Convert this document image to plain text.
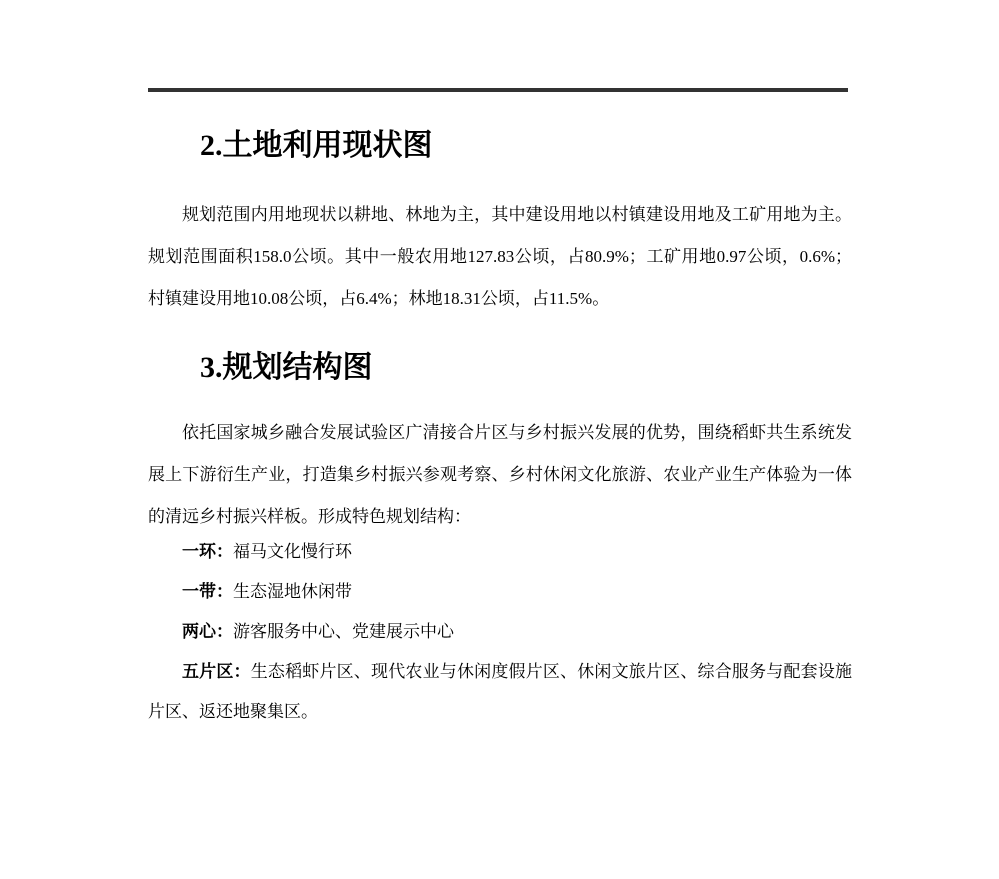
2.土地利用现状图

规划范围内用地现状以耕地、林地为主，其中建设用地以村镇建设用地及工矿用地为主。规划范围面积158.0公顷。其中一般农用地127.83公顷，占80.9%；工矿用地0.97公顷，0.6%；村镇建设用地10.08公顷，占6.4%；林地18.31公顷，占11.5%。

3.规划结构图

依托国家城乡融合发展试验区广清接合片区与乡村振兴发展的优势，围绕稻虾共生系统发展上下游衍生产业，打造集乡村振兴参观考察、乡村休闲文化旅游、农业产业生产体验为一体的清远乡村振兴样板。形成特色规划结构：

一环：福马文化慢行环

一带：生态湿地休闲带

两心：游客服务中心、党建展示中心

五片区：生态稻虾片区、现代农业与休闲度假片区、休闲文旅片区、综合服务与配套设施片区、返还地聚集区。
